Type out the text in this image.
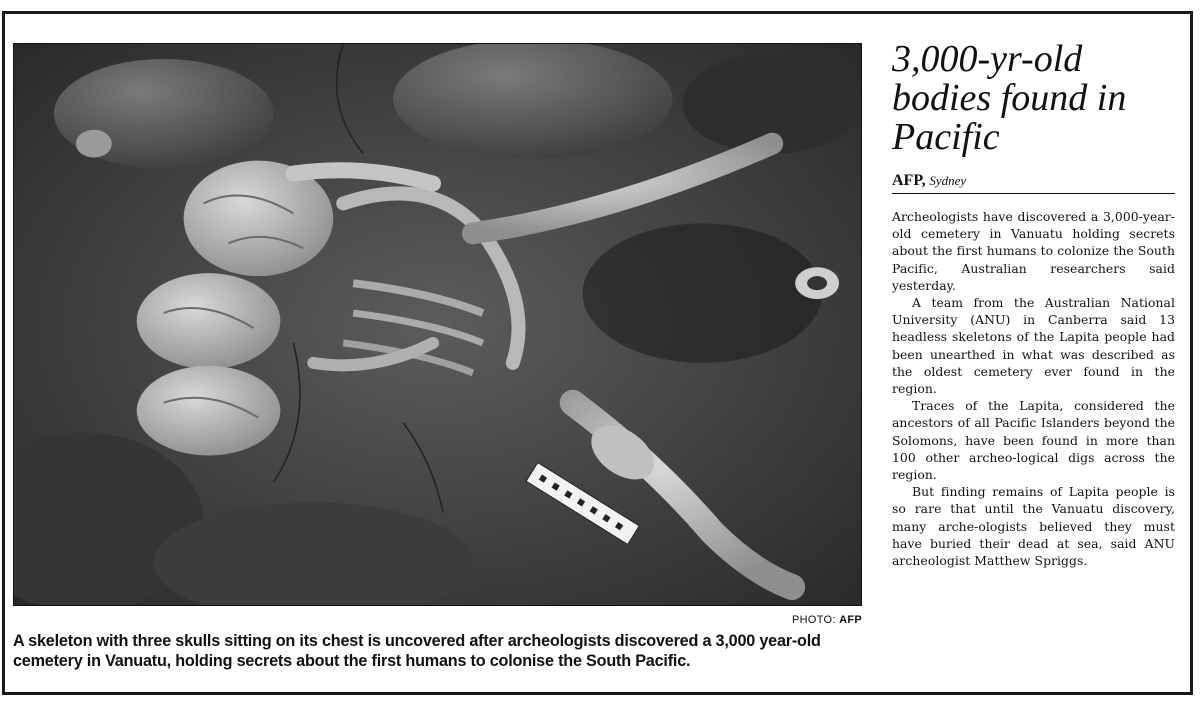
PHOTO: AFP
A skeleton with three skulls sitting on its chest is uncovered after archeologists discovered a 3,000 year-old cemetery in Vanuatu, holding secrets about the first humans to colonise the South Pacific.
3,000-yr-old bodies found in Pacific
AFP, Sydney

Archeologists have discovered a 3,000-year-old cemetery in Vanuatu holding secrets about the first humans to colonize the South Pacific, Australian researchers said yesterday.

A team from the Australian National University (ANU) in Canberra said 13 headless skeletons of the Lapita people had been unearthed in what was described as the oldest cemetery ever found in the region.

Traces of the Lapita, considered the ancestors of all Pacific Islanders beyond the Solomons, have been found in more than 100 other archeo-logical digs across the region.

But finding remains of Lapita people is so rare that until the Vanuatu discovery, many arche-ologists believed they must have buried their dead at sea, said ANU archeologist Matthew Spriggs.
